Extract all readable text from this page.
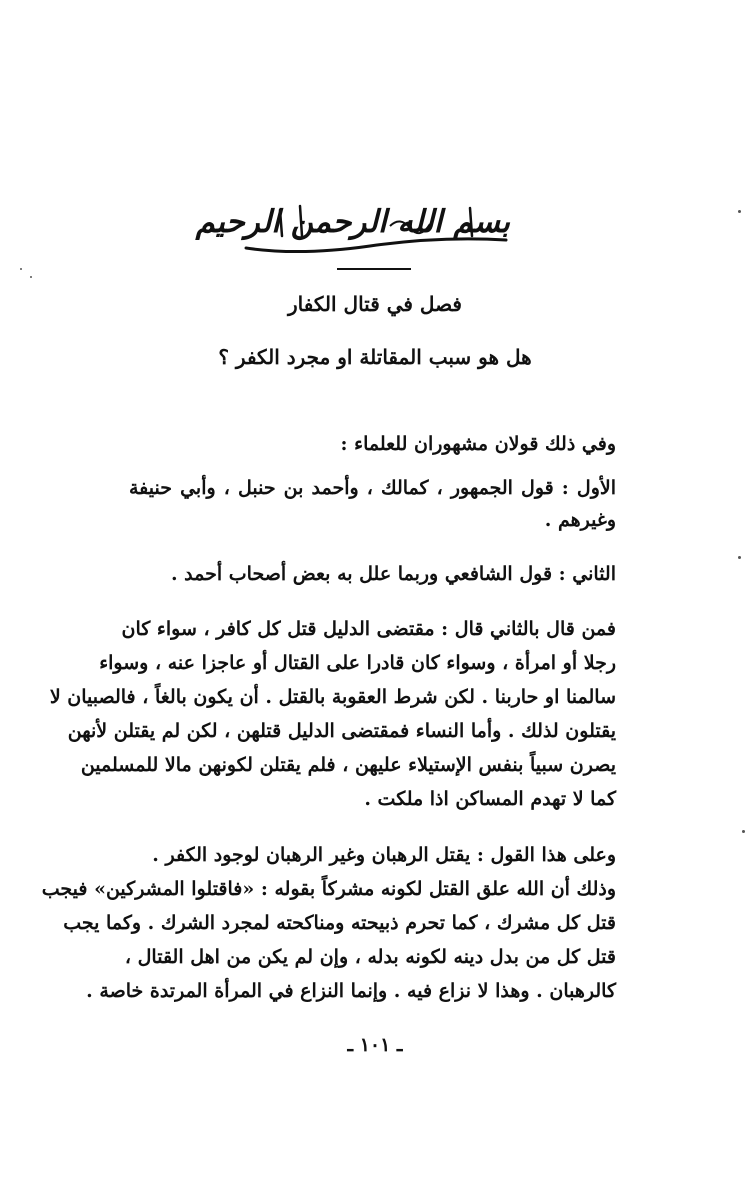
بسم الله الرحمن الرحيم
فصل في قتال الكفار
هل هو سبب المقاتلة او مجرد الكفر ؟
وفي ذلك قولان مشهوران للعلماء :
الأول : قول الجمهور ، كمالك ، وأحمد بن حنبل ، وأبي حنيفة
وغيرهم .
الثاني : قول الشافعي وربما علل به بعض أصحاب أحمد .
فمن قال بالثاني قال : مقتضى الدليل قتل كل كافر ، سواء كان
رجلا أو امرأة ، وسواء كان قادرا على القتال أو عاجزا عنه ، وسواء
سالمنا او حاربنا . لكن شرط العقوبة بالقتل . أن يكون بالغاً ، فالصبيان لا
يقتلون لذلك . وأما النساء فمقتضى الدليل قتلهن ، لكن لم يقتلن لأنهن
يصرن سبياً بنفس الإستيلاء عليهن ، فلم يقتلن لكونهن مالا للمسلمين
كما لا تهدم المساكن اذا ملكت .
وعلى هذا القول : يقتل الرهبان وغير الرهبان لوجود الكفر .
وذلك أن الله علق القتل لكونه مشركاً بقوله : «فاقتلوا المشركين» فيجب
قتل كل مشرك ، كما تحرم ذبيحته ومناكحته لمجرد الشرك . وكما يجب
قتل كل من بدل دينه لكونه بدله ، وإن لم يكن من اهل القتال ،
كالرهبان . وهذا لا نزاع فيه . وإنما النزاع في المرأة المرتدة خاصة .
ـ ١٠١ ـ
